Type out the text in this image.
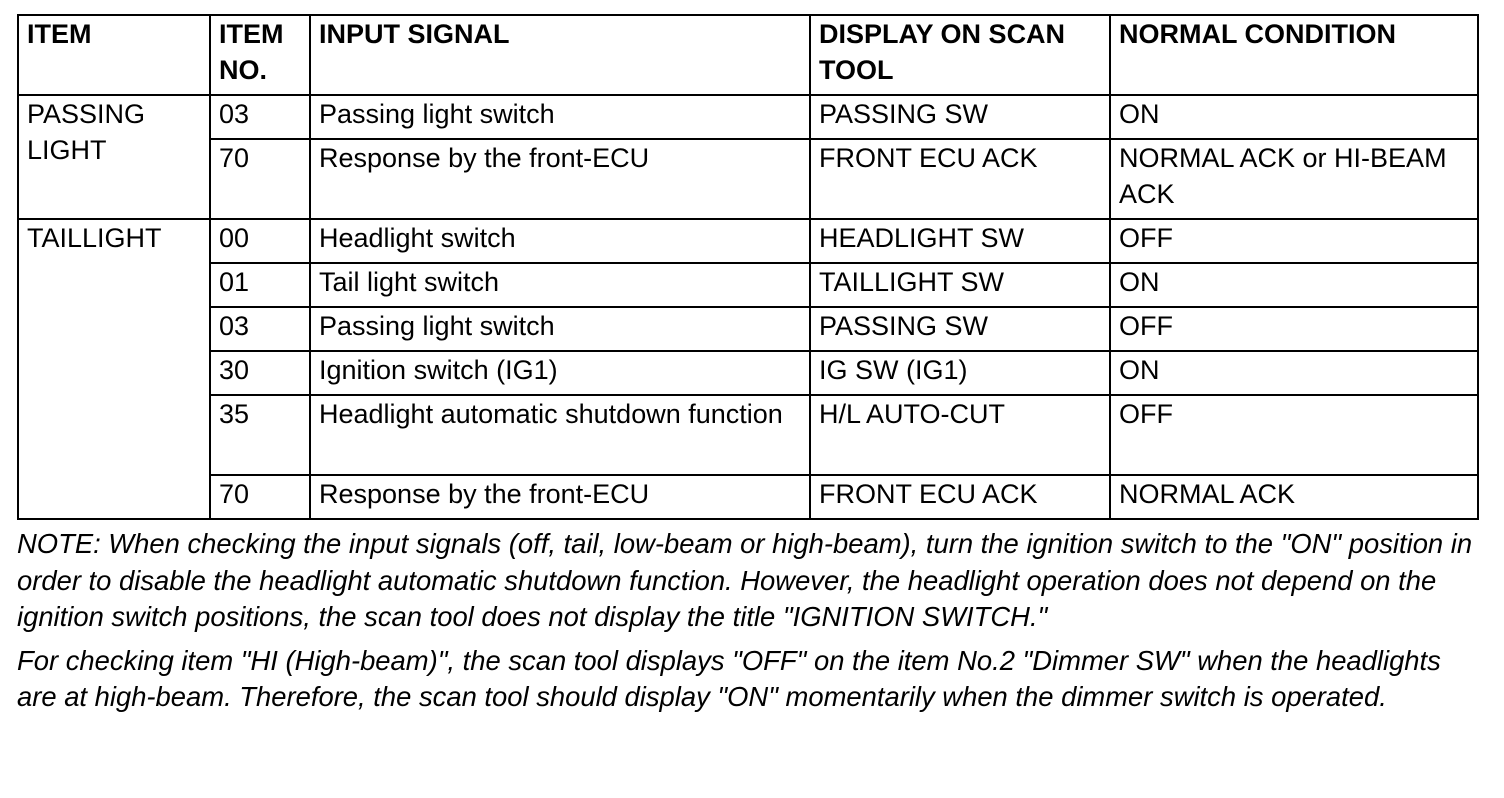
ITEM	ITEM NO.	INPUT SIGNAL	DISPLAY ON SCAN TOOL	NORMAL CONDITION
PASSING LIGHT	03	Passing light switch	PASSING SW	ON
	70	Response by the front-ECU	FRONT ECU ACK	NORMAL ACK or HI-BEAM ACK
TAILLIGHT	00	Headlight switch	HEADLIGHT SW	OFF
	01	Tail light switch	TAILLIGHT SW	ON
	03	Passing light switch	PASSING SW	OFF
	30	Ignition switch (IG1)	IG SW (IG1)	ON
	35	Headlight automatic shutdown function	H/L AUTO-CUT	OFF
	70	Response by the front-ECU	FRONT ECU ACK	NORMAL ACK

NOTE: When checking the input signals (off, tail, low-beam or high-beam), turn the ignition switch to the "ON" position in order to disable the headlight automatic shutdown function. However, the headlight operation does not depend on the ignition switch positions, the scan tool does not display the title "IGNITION SWITCH."

For checking item "HI (High-beam)", the scan tool displays "OFF" on the item No.2 "Dimmer SW" when the headlights are at high-beam. Therefore, the scan tool should display "ON" momentarily when the dimmer switch is operated.
